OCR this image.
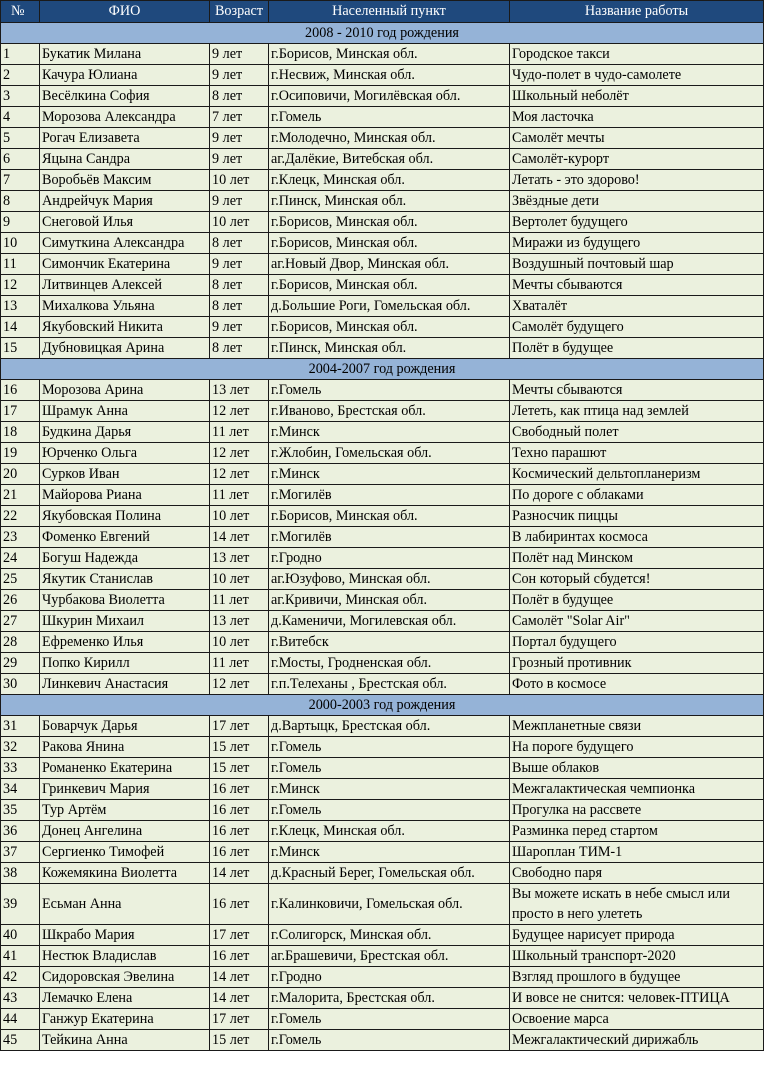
№	ФИО	Возраст	Населенный пункт	Название работы
2008 - 2010 год рождения				
1	Букатик Милана	9 лет	г.Борисов, Минская обл.	Городское такси
2	Качура Юлиана	9 лет	г.Несвиж, Минская обл.	Чудо-полет в чудо-самолете
3	Весёлкина София	8 лет	г.Осиповичи, Могилёвская обл.	Школьный неболёт
4	Морозова Александра	7 лет	г.Гомель	Моя ласточка
5	Рогач Елизавета	9 лет	г.Молодечно, Минская обл.	Самолёт мечты
6	Яцына Сандра	9 лет	аг.Далёкие, Витебская обл.	Самолёт-курорт
7	Воробьёв Максим	10 лет	г.Клецк, Минская обл.	Летать - это здорово!
8	Андрейчук Мария	9 лет	г.Пинск, Минская обл.	Звёздные дети
9	Снеговой Илья	10 лет	г.Борисов, Минская обл.	Вертолет будущего
10	Симуткина Александра	8 лет	г.Борисов, Минская обл.	Миражи из будущего
11	Симончик Екатерина	9 лет	аг.Новый Двор, Минская обл.	Воздушный почтовый шар
12	Литвинцев Алексей	8 лет	г.Борисов, Минская обл.	Мечты сбываются
13	Михалкова Ульяна	8 лет	д.Большие Роги, Гомельская обл.	Хваталёт
14	Якубовский Никита	9 лет	г.Борисов, Минская обл.	Самолёт будущего
15	Дубновицкая Арина	8 лет	г.Пинск, Минская обл.	Полёт в будущее
2004-2007 год рождения				
16	Морозова Арина	13 лет	г.Гомель	Мечты сбываются
17	Шрамук Анна	12 лет	г.Иваново, Брестская обл.	Лететь, как птица над землей
18	Будкина Дарья	11 лет	г.Минск	Свободный полет
19	Юрченко Ольга	12 лет	г.Жлобин, Гомельская обл.	Техно парашют
20	Сурков Иван	12 лет	г.Минск	Космический дельтопланеризм
21	Майорова Риана	11 лет	г.Могилёв	По дороге с облаками
22	Якубовская Полина	10 лет	г.Борисов, Минская обл.	Разносчик пиццы
23	Фоменко Евгений	14 лет	г.Могилёв	В лабиринтах космоса
24	Богуш Надежда	13 лет	г.Гродно	Полёт над Минском
25	Якутик Станислав	10 лет	аг.Юзуфово, Минская обл.	Сон который сбудется!
26	Чурбакова Виолетта	11 лет	аг.Кривичи, Минская обл.	Полёт в будущее
27	Шкурин Михаил	13 лет	д.Каменичи, Могилевская обл.	Самолёт "Solar Air"
28	Ефременко Илья	10 лет	г.Витебск	Портал будущего
29	Попко Кирилл	11 лет	г.Мосты, Гродненская обл.	Грозный противник
30	Линкевич Анастасия	12 лет	г.п.Телеханы , Брестская обл.	Фото в космосе
2000-2003 год рождения				
31	Боварчук Дарья	17 лет	д.Вартыцк, Брестская обл.	Межпланетные связи
32	Ракова Янина	15 лет	г.Гомель	На пороге будущего
33	Романенко Екатерина	15 лет	г.Гомель	Выше облаков
34	Гринкевич Мария	16 лет	г.Минск	Межгалактическая чемпионка
35	Тур Артём	16 лет	г.Гомель	Прогулка на рассвете
36	Донец Ангелина	16 лет	г.Клецк, Минская обл.	Разминка перед стартом
37	Сергиенко Тимофей	16 лет	г.Минск	Шароплан ТИМ-1
38	Кожемякина Виолетта	14 лет	д.Красный Берег, Гомельская обл.	Свободно паря
39	Есьман Анна	16 лет	г.Калинковичи, Гомельская обл.	Вы можете искать в небе смысл или просто в него улететь
40	Шкрабо Мария	17 лет	г.Солигорск, Минская обл.	Будущее нарисует природа
41	Нестюк Владислав	16 лет	аг.Брашевичи, Брестская обл.	Школьный транспорт-2020
42	Сидоровская Эвелина	14 лет	г.Гродно	Взгляд прошлого в будущее
43	Лемачко Елена	14 лет	г.Малорита, Брестская обл.	И вовсе не снится: человек-ПТИЦА
44	Ганжур Екатерина	17 лет	г.Гомель	Освоение марса
45	Тейкина Анна	15 лет	г.Гомель	Межгалактический дирижабль
